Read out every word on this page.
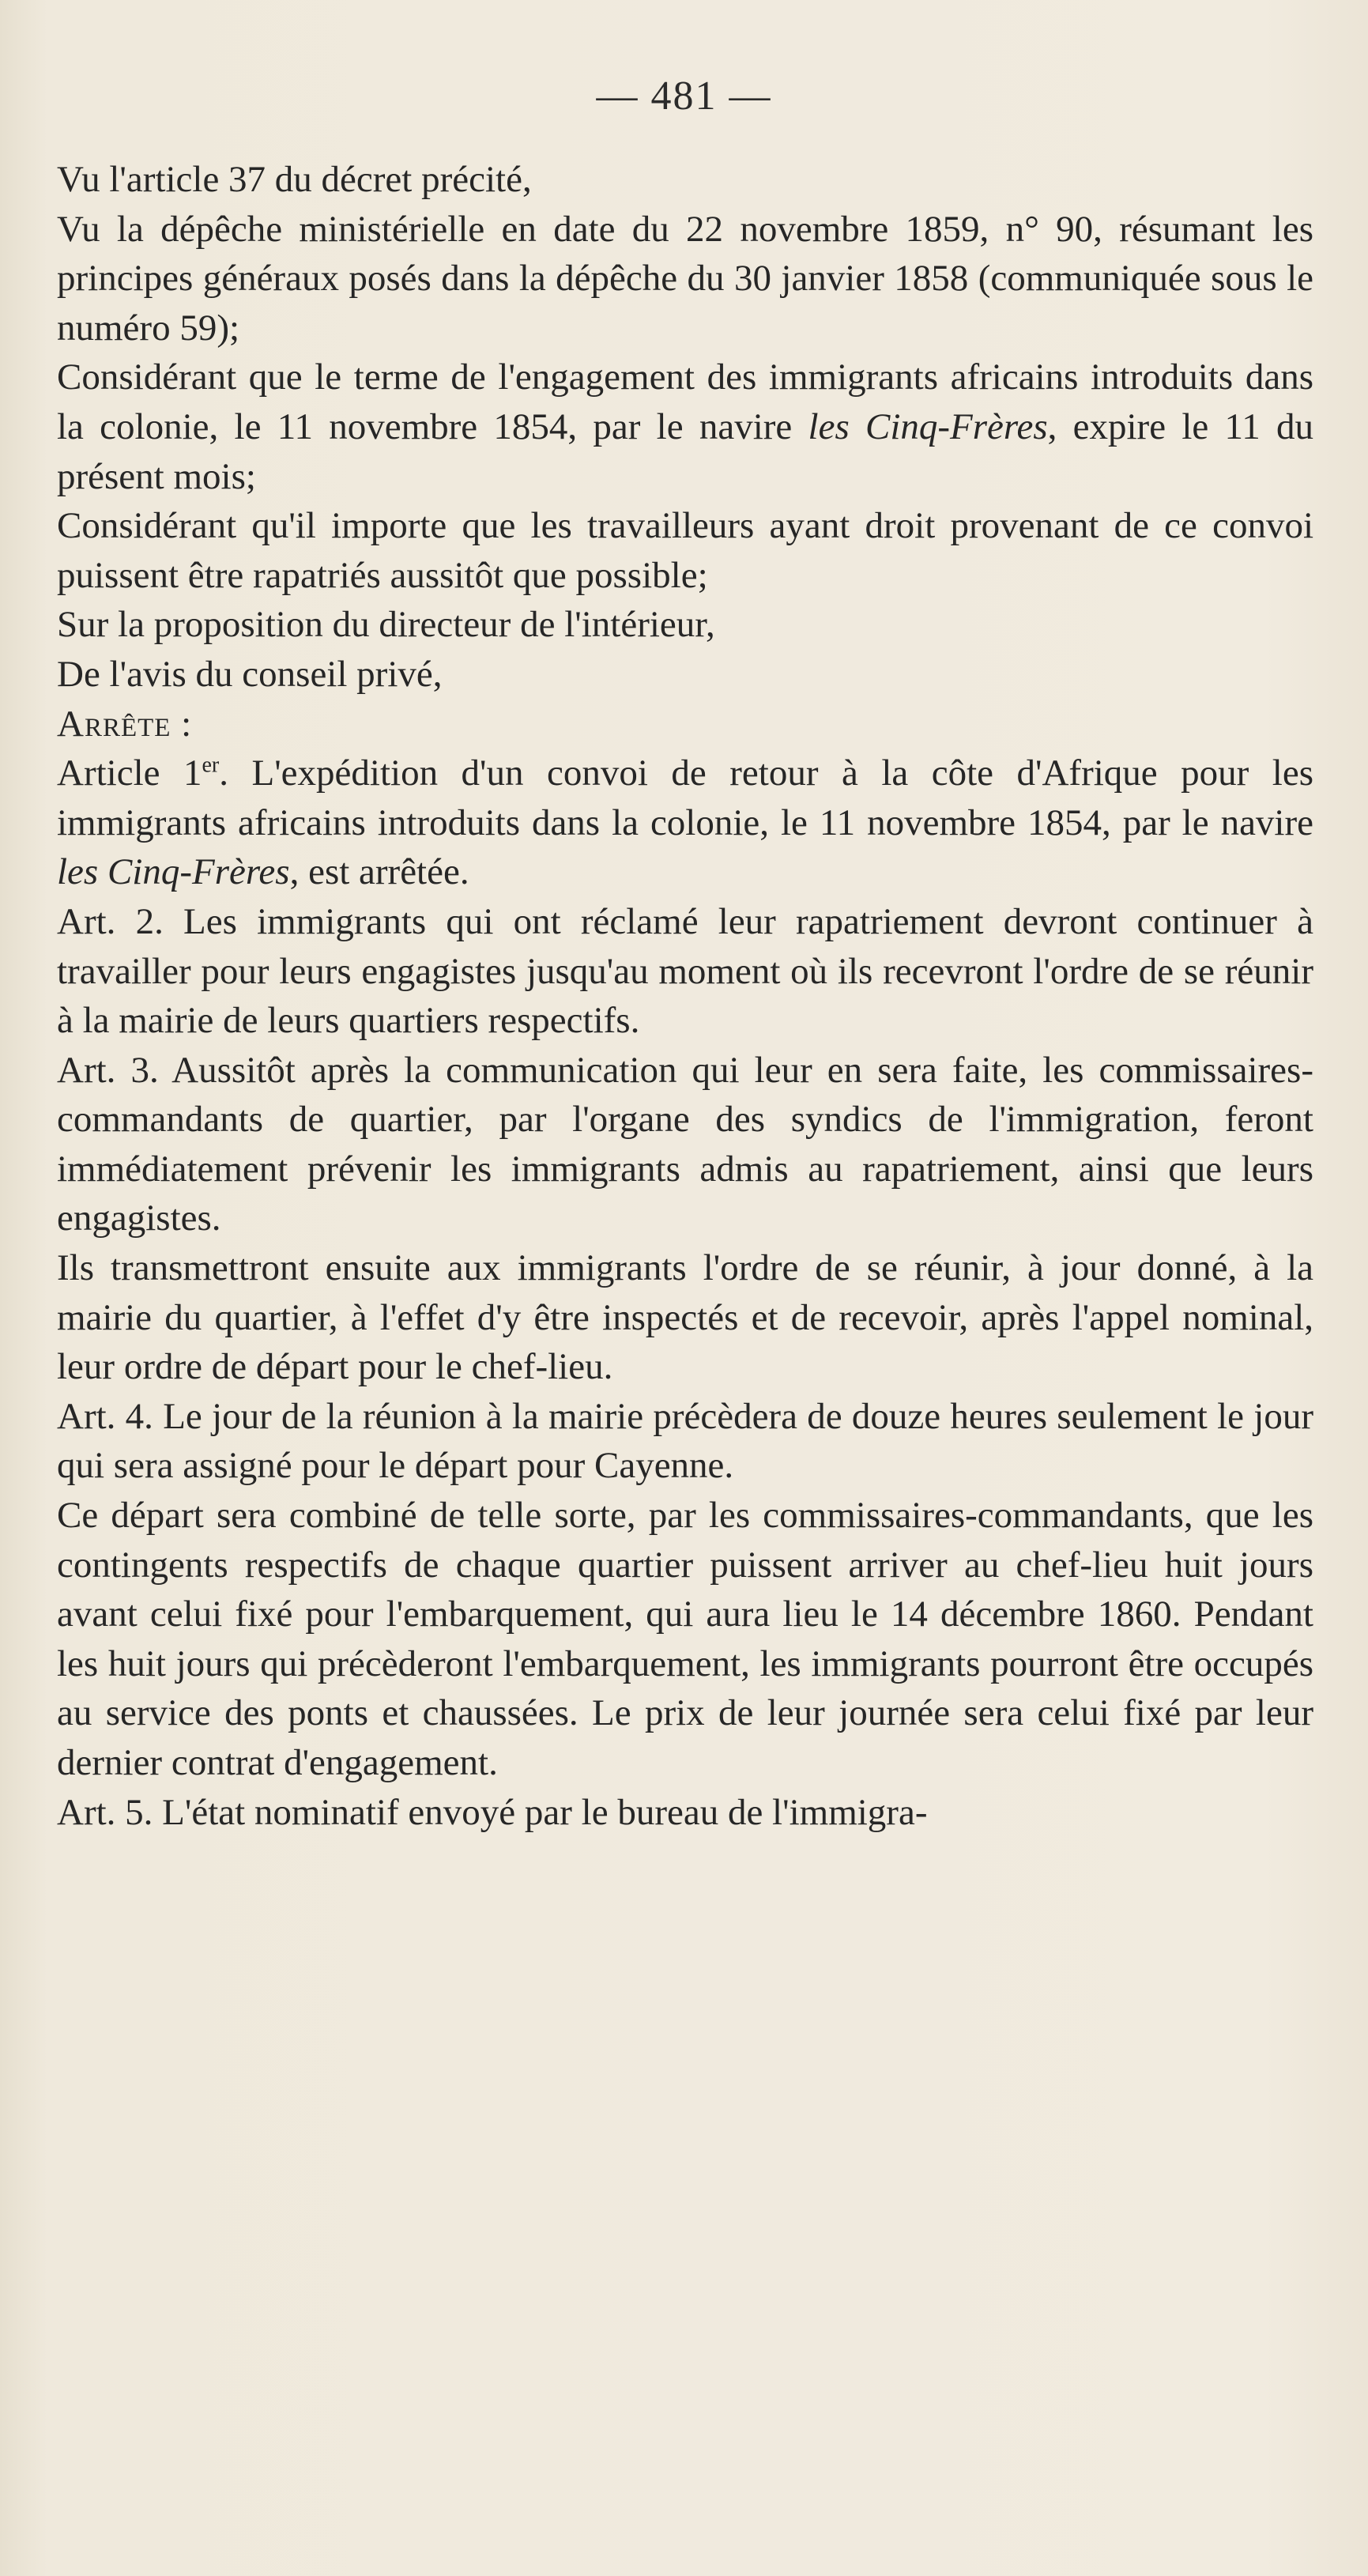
— 481 —

Vu l'article 37 du décret précité,

Vu la dépêche ministérielle en date du 22 novembre 1859, n° 90, résumant les principes généraux posés dans la dépêche du 30 janvier 1858 (communiquée sous le numéro 59);

Considérant que le terme de l'engagement des immigrants africains introduits dans la colonie, le 11 novembre 1854, par le navire les Cinq-Frères, expire le 11 du présent mois;

Considérant qu'il importe que les travailleurs ayant droit provenant de ce convoi puissent être rapatriés aussitôt que possible;

Sur la proposition du directeur de l'intérieur,

De l'avis du conseil privé,

Arrête :

Article 1er. L'expédition d'un convoi de retour à la côte d'Afrique pour les immigrants africains introduits dans la colonie, le 11 novembre 1854, par le navire les Cinq-Frères, est arrêtée.

Art. 2. Les immigrants qui ont réclamé leur rapatriement devront continuer à travailler pour leurs engagistes jusqu'au moment où ils recevront l'ordre de se réunir à la mairie de leurs quartiers respectifs.

Art. 3. Aussitôt après la communication qui leur en sera faite, les commissaires-commandants de quartier, par l'organe des syndics de l'immigration, feront immédiatement prévenir les immigrants admis au rapatriement, ainsi que leurs engagistes.

Ils transmettront ensuite aux immigrants l'ordre de se réunir, à jour donné, à la mairie du quartier, à l'effet d'y être inspectés et de recevoir, après l'appel nominal, leur ordre de départ pour le chef-lieu.

Art. 4. Le jour de la réunion à la mairie précèdera de douze heures seulement le jour qui sera assigné pour le départ pour Cayenne.

Ce départ sera combiné de telle sorte, par les commissaires-commandants, que les contingents respectifs de chaque quartier puissent arriver au chef-lieu huit jours avant celui fixé pour l'embarquement, qui aura lieu le 14 décembre 1860. Pendant les huit jours qui précèderont l'embarquement, les immigrants pourront être occupés au service des ponts et chaussées. Le prix de leur journée sera celui fixé par leur dernier contrat d'engagement.

Art. 5. L'état nominatif envoyé par le bureau de l'immigra-
